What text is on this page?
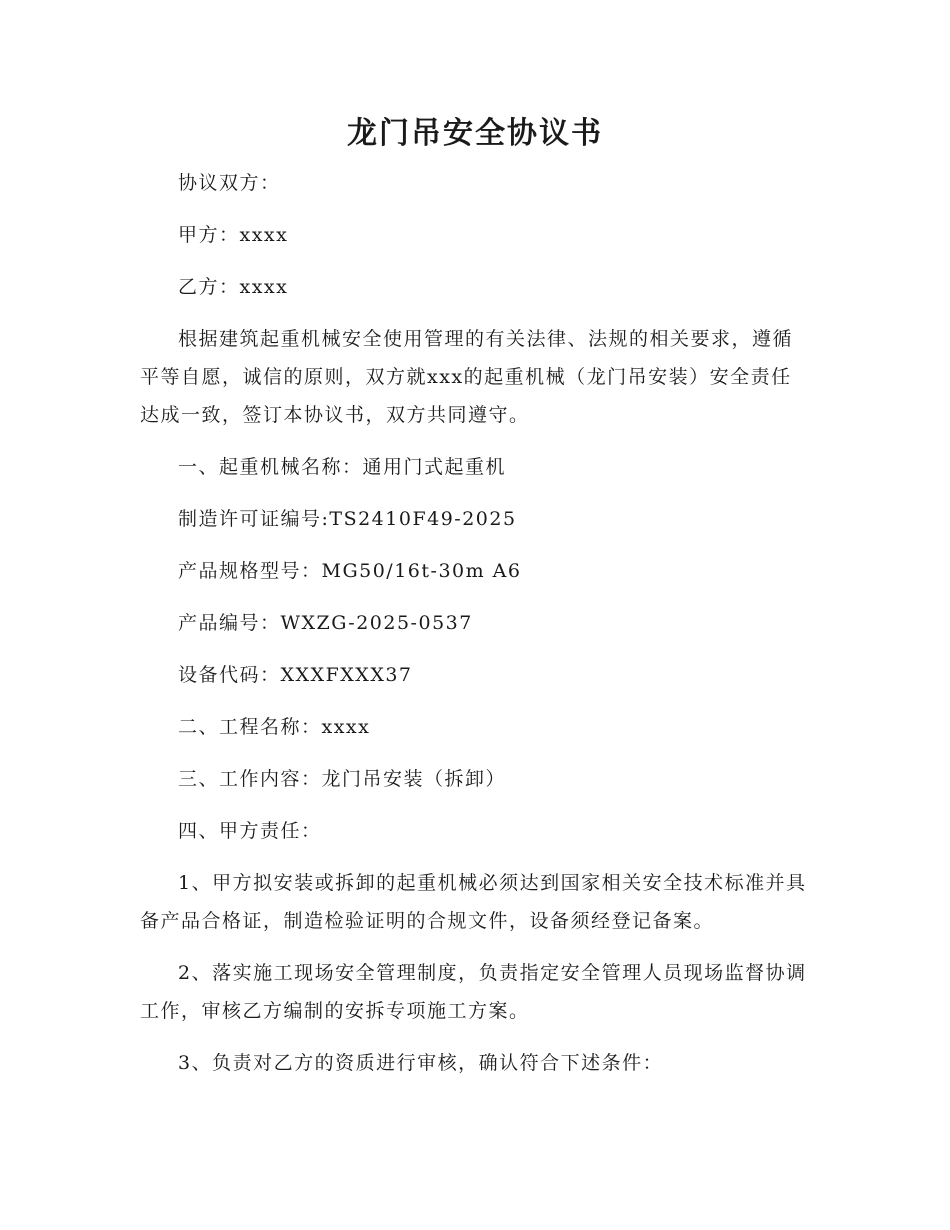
龙门吊安全协议书

协议双方：

甲方：xxxx

乙方：xxxx

根据建筑起重机械安全使用管理的有关法律、法规的相关要求，遵循平等自愿，诚信的原则，双方就xxx的起重机械（龙门吊安装）安全责任达成一致，签订本协议书，双方共同遵守。

一、起重机械名称：通用门式起重机

制造许可证编号:TS2410F49-2025

产品规格型号：MG50/16t-30m A6

产品编号：WXZG-2025-0537

设备代码：XXXFXXX37

二、工程名称：xxxx

三、工作内容：龙门吊安装（拆卸）

四、甲方责任：

1、甲方拟安装或拆卸的起重机械必须达到国家相关安全技术标准并具备产品合格证，制造检验证明的合规文件，设备须经登记备案。

2、落实施工现场安全管理制度，负责指定安全管理人员现场监督协调工作，审核乙方编制的安拆专项施工方案。

3、负责对乙方的资质进行审核，确认符合下述条件：
